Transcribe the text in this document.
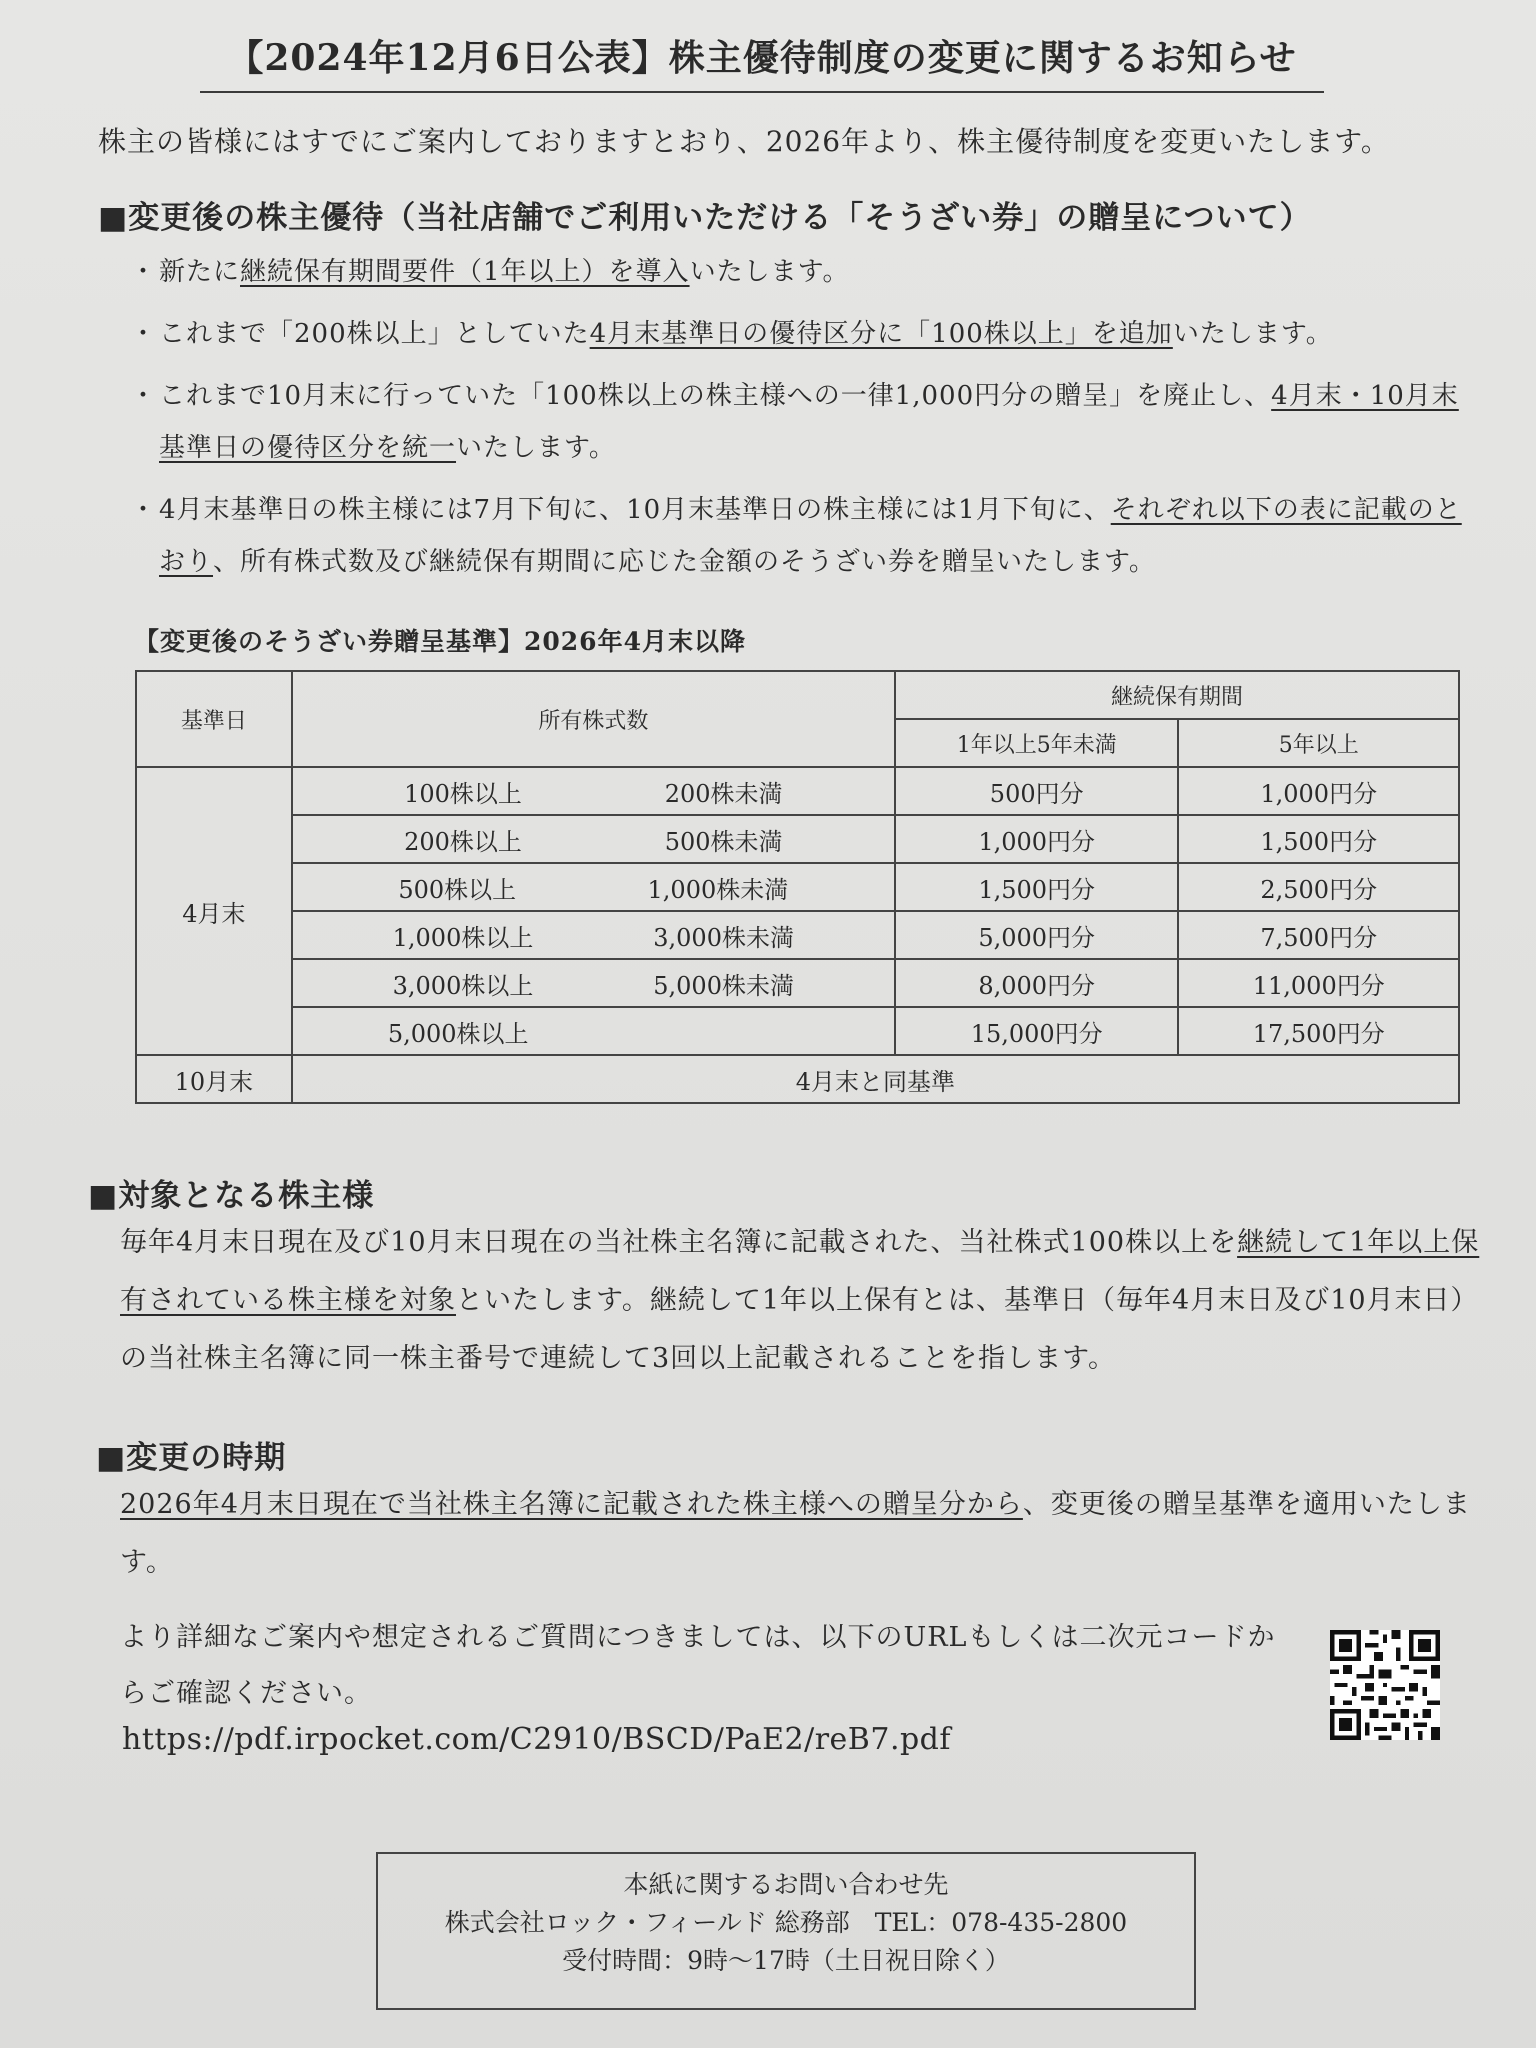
【2024年12月6日公表】株主優待制度の変更に関するお知らせ
株主の皆様にはすでにご案内しておりますとおり、2026年より、株主優待制度を変更いたします。
■変更後の株主優待（当社店舗でご利用いただける「そうざい券」の贈呈について）
・ 新たに継続保有期間要件（1年以上）を導入いたします。
・ これまで「200株以上」としていた4月末基準日の優待区分に「100株以上」を追加いたします。
・ これまで10月末に行っていた「100株以上の株主様への一律1,000円分の贈呈」を廃止し、4月末・10月末基準日の優待区分を統一いたします。
・ 4月末基準日の株主様には7月下旬に、10月末基準日の株主様には1月下旬に、それぞれ以下の表に記載のとおり、所有株式数及び継続保有期間に応じた金額のそうざい券を贈呈いたします。
【変更後のそうざい券贈呈基準】2026年4月末以降
基準日	所有株式数	継続保有期間	
		1年以上5年未満	5年以上
4月末	100株以上 200株未満	500円分	1,000円分

	200株以上 500株未満	1,000円分	1,500円分

	500株以上 1,000株未満	1,500円分	2,500円分

	1,000株以上 3,000株未満	5,000円分	7,500円分

	3,000株以上 5,000株未満	8,000円分	11,000円分

	5,000株以上	15,000円分	17,500円分
10月末	4月末と同基準		
■対象となる株主様
毎年4月末日現在及び10月末日現在の当社株主名簿に記載された、当社株式100株以上を継続して1年以上保有されている株主様を対象といたします。継続して1年以上保有とは、基準日（毎年4月末日及び10月末日）の当社株主名簿に同一株主番号で連続して3回以上記載されることを指します。
■変更の時期
2026年4月末日現在で当社株主名簿に記載された株主様への贈呈分から、変更後の贈呈基準を適用いたします。
より詳細なご案内や想定されるご質問につきましては、以下のURLもしくは二次元コードからご確認ください。
https://pdf.irpocket.com/C2910/BSCD/PaE2/reB7.pdf
本紙に関するお問い合わせ先
株式会社ロック・フィールド 総務部　TEL：078-435-2800
受付時間：9時～17時（土日祝日除く）
